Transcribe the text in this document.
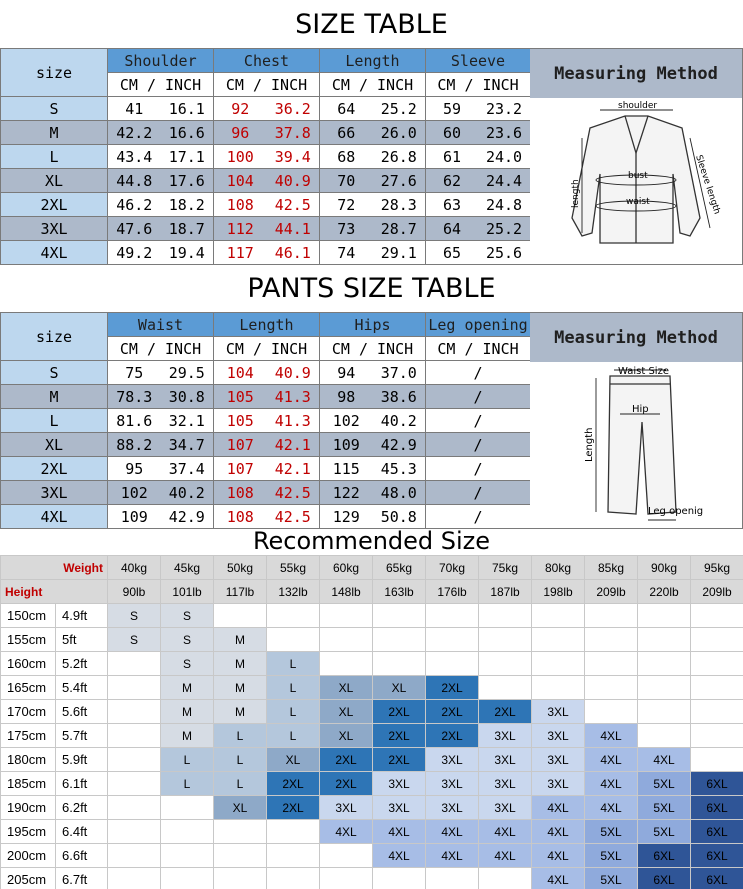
SIZE TABLE
size	Shoulder	Chest	Length	Sleeve
	CM / INCH	CM / INCH	CM / INCH	CM / INCH
S	41 16.1	92 36.2	64 25.2	59 23.2
M	42.2 16.6	96 37.8	66 26.0	60 23.6
L	43.4 17.1	100 39.4	68 26.8	61 24.0
XL	44.8 17.6	104 40.9	70 27.6	62 24.4
2XL	46.2 18.2	108 42.5	72 28.3	63 24.8
3XL	47.6 18.7	112 44.1	73 28.7	64 25.2
4XL	49.2 19.4	117 46.1	74 29.1	65 25.6
Measuring Method
shoulder
length
bust
waist	Sleeve length
PANTS SIZE TABLE
size	Waist	Length	Hips	Leg opening
	CM / INCH	CM / INCH	CM / INCH	CM / INCH
S	75 29.5	104 40.9	94 37.0	/
M	78.3 30.8	105 41.3	98 38.6	/
L	81.6 32.1	105 41.3	102 40.2	/
XL	88.2 34.7	107 42.1	109 42.9	/
2XL	95 37.4	107 42.1	115 45.3	/
3XL	102 40.2	108 42.5	122 48.0	/
4XL	109 42.9	108 42.5	129 50.8	/
Measuring Method
Waist Size
Hip
Length
Leg openig
Recommended Size
Weight		40kg	45kg	50kg	55kg	60kg	65kg	70kg	75kg	80kg	85kg	90kg	95kg
Height		90lb	101lb	117lb	132lb	148lb	163lb	176lb	187lb	198lb	209lb	220lb	209lb
150cm	4.9ft	S	S										
155cm	5ft	S	S	M									
160cm	5.2ft		S	M	L								
165cm	5.4ft		M	M	L	XL	XL	2XL					
170cm	5.6ft		M	M	L	XL	2XL	2XL	2XL	3XL			
175cm	5.7ft		M	L	L	XL	2XL	2XL	3XL	3XL	4XL		
180cm	5.9ft		L	L	XL	2XL	2XL	3XL	3XL	3XL	4XL	4XL	
185cm	6.1ft		L	L	2XL	2XL	3XL	3XL	3XL	3XL	4XL	5XL	6XL
190cm	6.2ft			XL	2XL	3XL	3XL	3XL	3XL	4XL	4XL	5XL	6XL
195cm	6.4ft					4XL	4XL	4XL	4XL	4XL	5XL	5XL	6XL
200cm	6.6ft						4XL	4XL	4XL	4XL	5XL	6XL	6XL
205cm	6.7ft									4XL	5XL	6XL	6XL
